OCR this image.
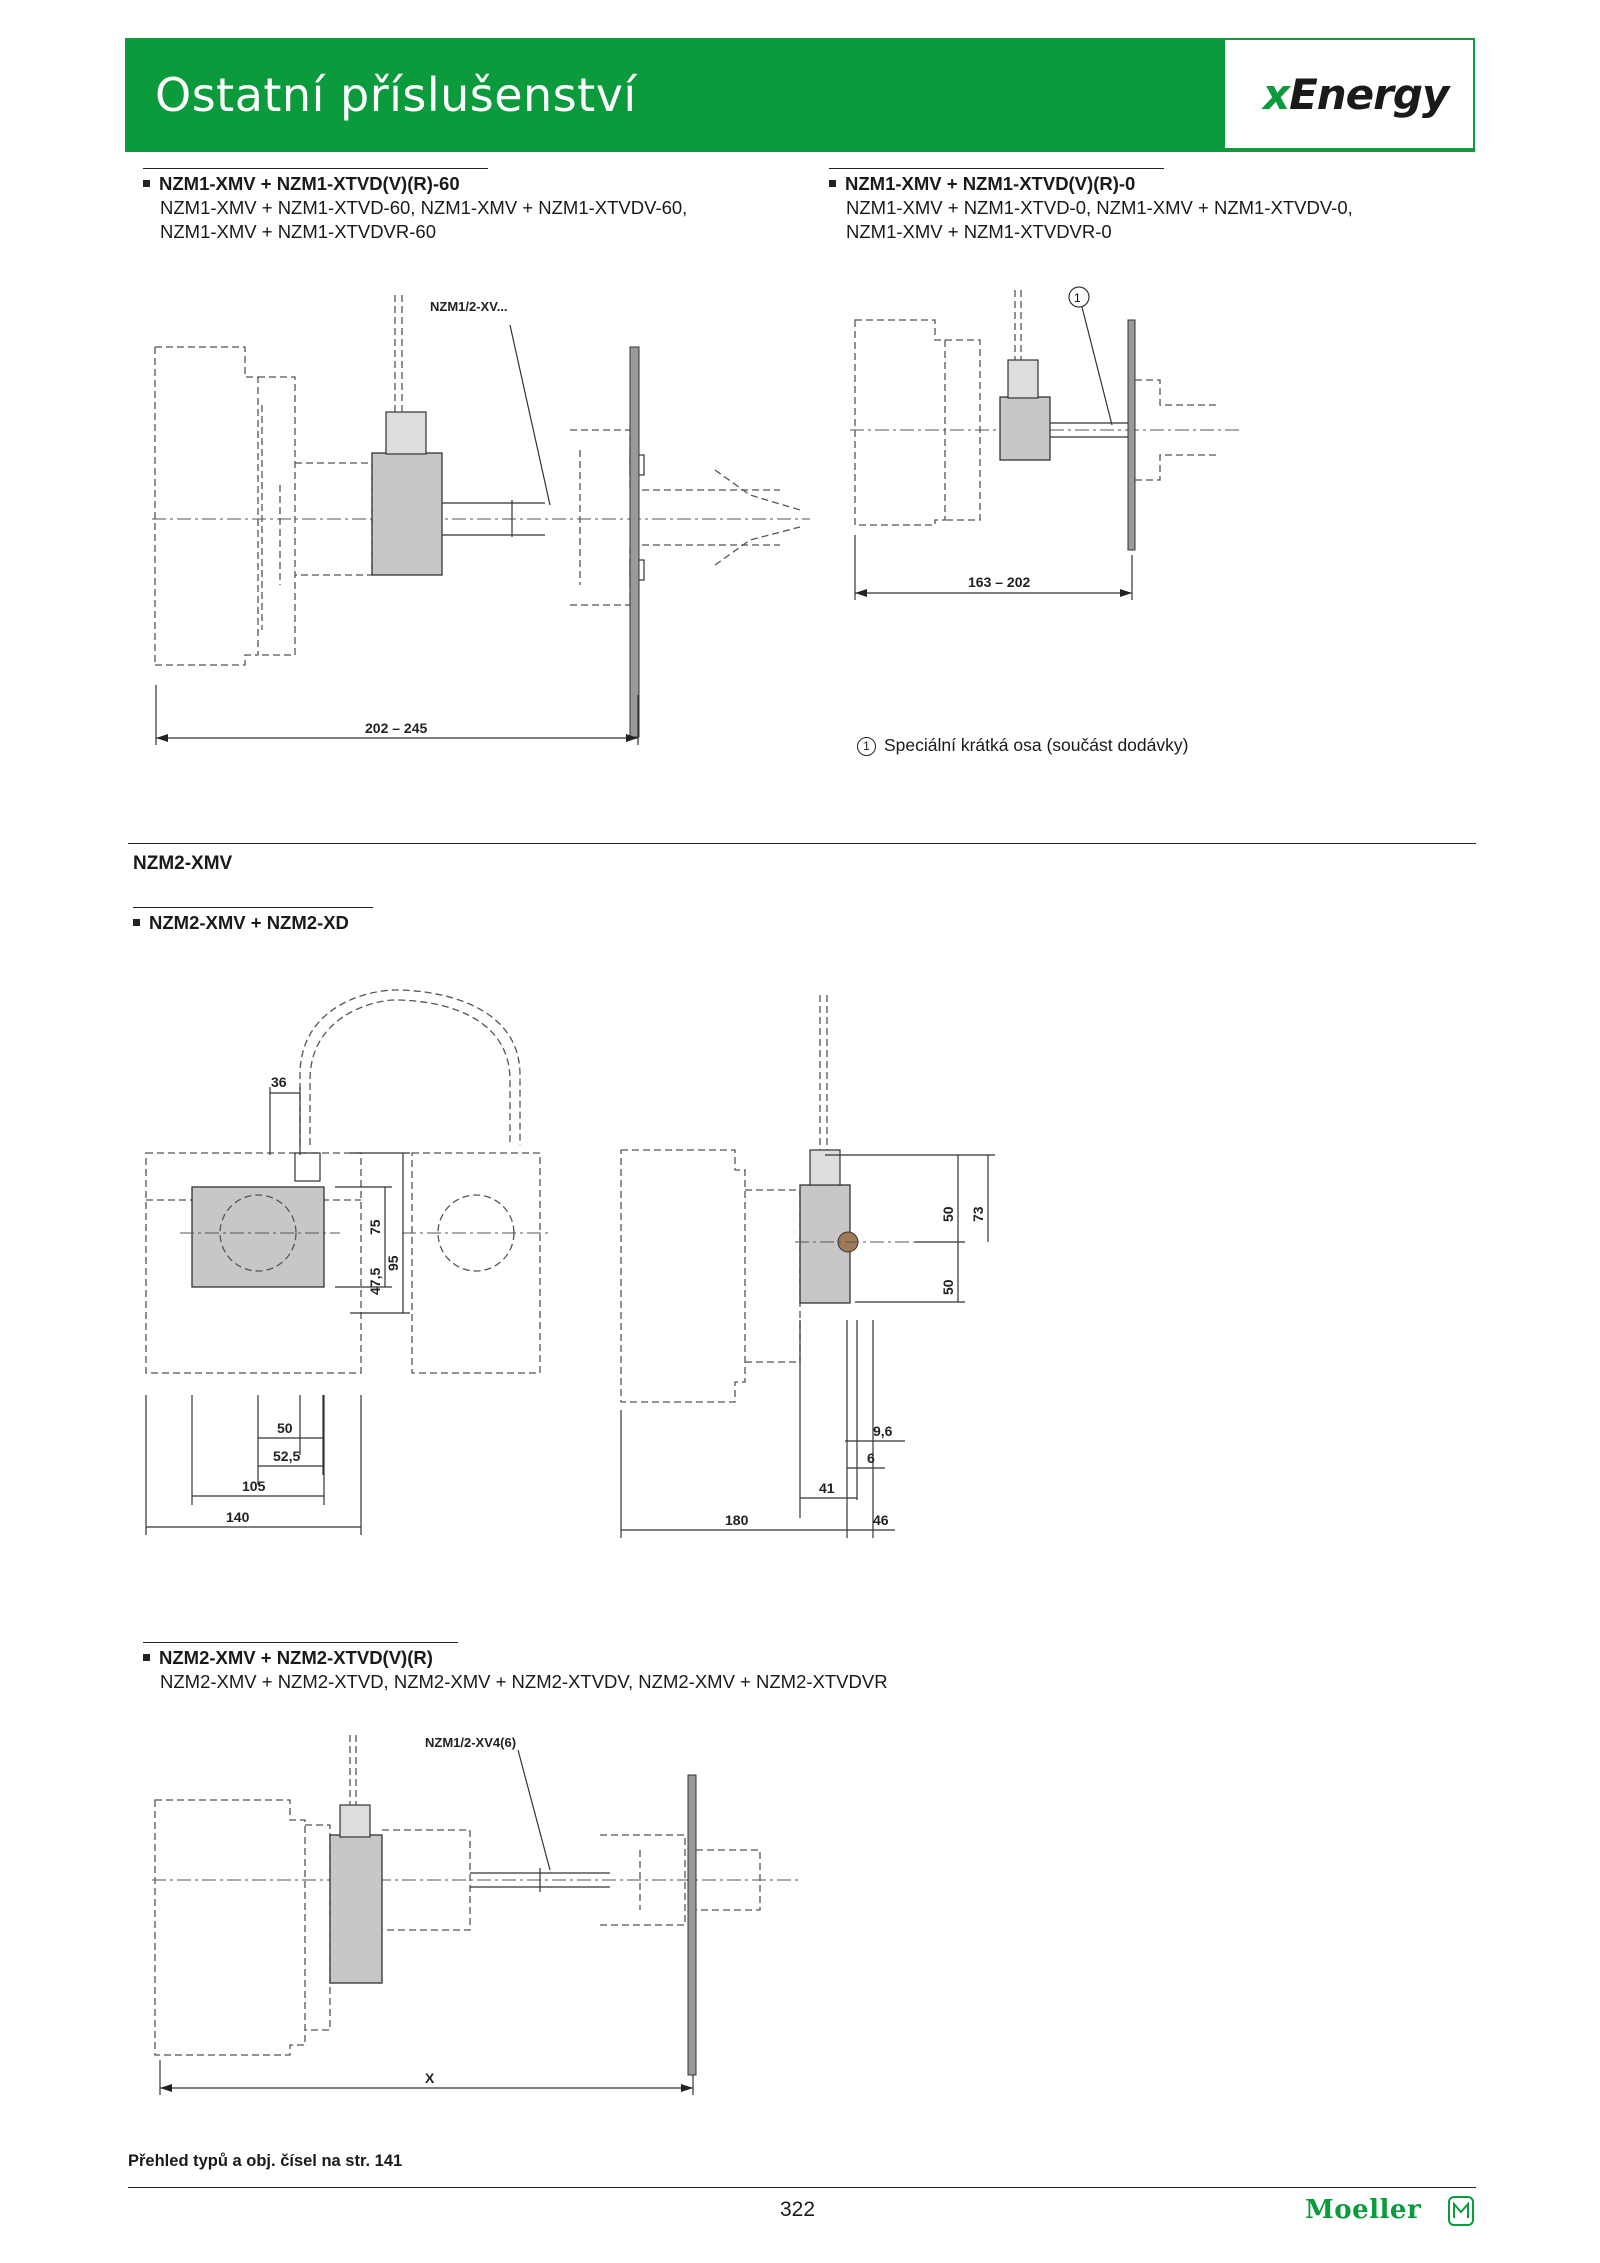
Ostatní příslušenství	xEnergy
NZM1-XMV + NZM1-XTVD(V)(R)-60
NZM1-XMV + NZM1-XTVD-60, NZM1-XMV + NZM1-XTVDV-60,
NZM1-XMV + NZM1-XTVDVR-60
NZM1-XMV + NZM1-XTVD(V)(R)-0
NZM1-XMV + NZM1-XTVD-0, NZM1-XMV + NZM1-XTVDV-0,
NZM1-XMV + NZM1-XTVDVR-0
NZM1/2-XV...
202 – 245
1
163 – 202
1 Speciální krátká osa (součást dodávky)
NZM2-XMV
NZM2-XMV + NZM2-XD
36
75
47,5
95
50
52,5
105
140
50 73
50
9,6
6
41
180	46
NZM2-XMV + NZM2-XTVD(V)(R)
NZM2-XMV + NZM2-XTVD, NZM2-XMV + NZM2-XTVDV, NZM2-XMV + NZM2-XTVDVR
NZM1/2-XV4(6)
X
Přehled typů a obj. čísel na str. 141
322	Moeller
